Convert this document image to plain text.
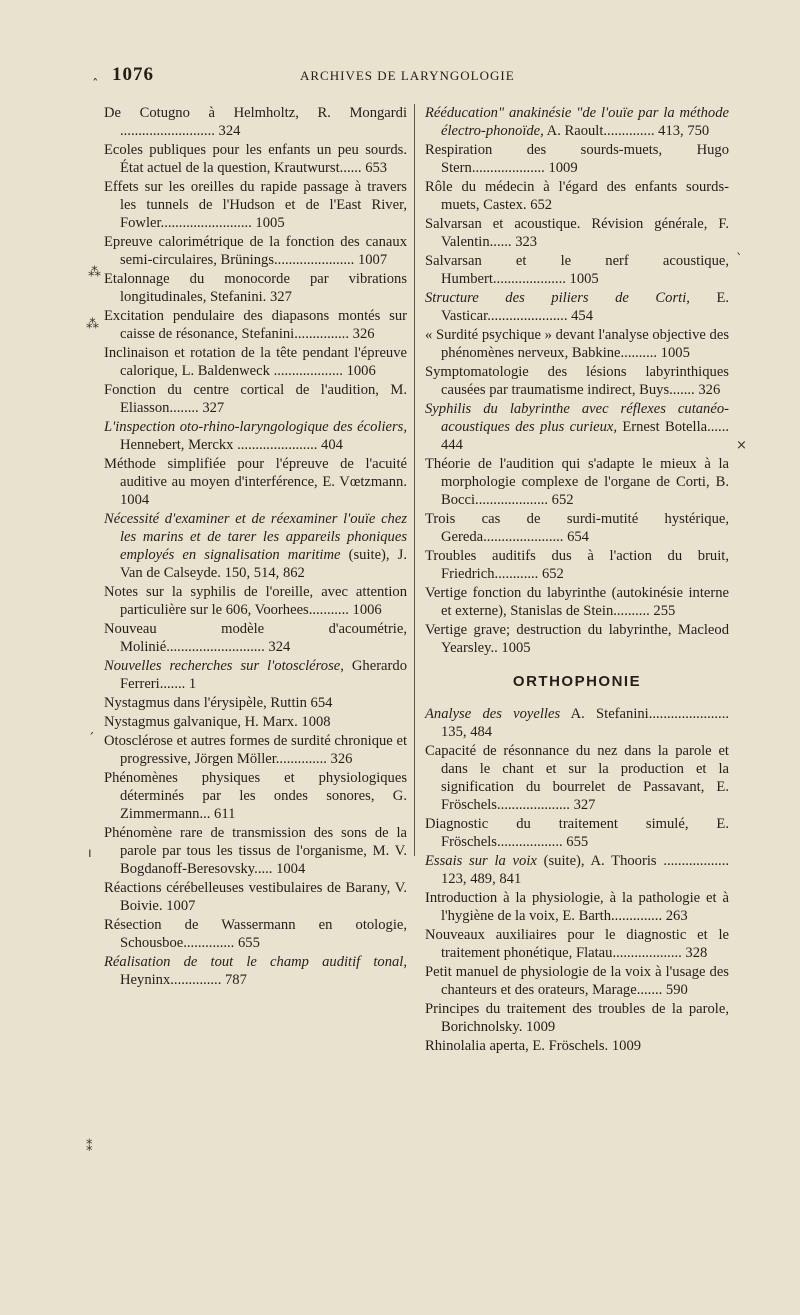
1076	ARCHIVES DE LARYNGOLOGIE
De Cotugno à Helmholtz, R. Mongardi .......................... 324
Ecoles publiques pour les enfants un peu sourds. État actuel de la question, Krautwurst...... 653
Effets sur les oreilles du rapide passage à travers les tunnels de l'Hudson et de l'East River, Fowler......................... 1005
Epreuve calorimétrique de la fonction des canaux semi-circulaires, Brünings...................... 1007
Etalonnage du monocorde par vibrations longitudinales, Stefanini. 327
Excitation pendulaire des diapasons montés sur caisse de résonance, Stefanini............... 326
Inclinaison et rotation de la tête pendant l'épreuve calorique, L. Baldenweck ................... 1006
Fonction du centre cortical de l'audition, M. Eliasson........ 327
L'inspection oto-rhino-laryngologique des écoliers, Hennebert, Merckx ...................... 404
Méthode simplifiée pour l'épreuve de l'acuité auditive au moyen d'interférence, E. Vœtzmann. 1004
Nécessité d'examiner et de réexaminer l'ouïe chez les marins et de tarer les appareils phoniques employés en signalisation maritime (suite), J. Van de Calseyde. 150, 514, 862
Notes sur la syphilis de l'oreille, avec attention particulière sur le 606, Voorhees........... 1006
Nouveau modèle d'acoumétrie, Molinié........................... 324
Nouvelles recherches sur l'otosclérose, Gherardo Ferreri....... 1
Nystagmus dans l'érysipèle, Ruttin 654
Nystagmus galvanique, H. Marx. 1008
Otosclérose et autres formes de surdité chronique et progressive, Jörgen Möller.............. 326
Phénomènes physiques et physiologiques déterminés par les ondes sonores, G. Zimmermann... 611
Phénomène rare de transmission des sons de la parole par tous les tissus de l'organisme, M. V. Bogdanoff-Beresovsky..... 1004
Réactions cérébelleuses vestibulaires de Barany, V. Boivie. 1007
Résection de Wassermann en otologie, Schousboe.............. 655
Réalisation de tout le champ auditif tonal, Heyninx.............. 787
Rééducation" anakinésie "de l'ouïe par la méthode électro-phonoïde, A. Raoult.............. 413, 750
Respiration des sourds-muets, Hugo Stern.................... 1009
Rôle du médecin à l'égard des enfants sourds-muets, Castex. 652
Salvarsan et acoustique. Révision générale, F. Valentin...... 323
Salvarsan et le nerf acoustique, Humbert.................... 1005
Structure des piliers de Corti, E. Vasticar...................... 454
« Surdité psychique » devant l'analyse objective des phénomènes nerveux, Babkine.......... 1005
Symptomatologie des lésions labyrinthiques causées par traumatisme indirect, Buys....... 326
Syphilis du labyrinthe avec réflexes cutanéo-acoustiques des plus curieux, Ernest Botella...... 444
Théorie de l'audition qui s'adapte le mieux à la morphologie complexe de l'organe de Corti, B. Bocci.................... 652
Trois cas de surdi-mutité hystérique, Gereda...................... 654
Troubles auditifs dus à l'action du bruit, Friedrich............ 652
Vertige fonction du labyrinthe (autokinésie interne et externe), Stanislas de Stein.......... 255
Vertige grave; destruction du labyrinthe, Macleod Yearsley.. 1005
ORTHOPHONIE
Analyse des voyelles A. Stefanini...................... 135, 484
Capacité de résonnance du nez dans la parole et dans le chant et sur la production et la signification du bourrelet de Passavant, E. Fröschels.................... 327
Diagnostic du traitement simulé, E. Fröschels.................. 655
Essais sur la voix (suite), A. Thooris .................. 123, 489, 841
Introduction à la physiologie, à la pathologie et à l'hygiène de la voix, E. Barth.............. 263
Nouveaux auxiliaires pour le diagnostic et le traitement phonétique, Flatau................... 328
Petit manuel de physiologie de la voix à l'usage des chanteurs et des orateurs, Marage....... 590
Principes du traitement des troubles de la parole, Borichnolsky. 1009
Rhinolalia aperta, E. Fröschels. 1009
ˆ
⁂
⁂
ˊ
ı
⁑
ˎ
×
